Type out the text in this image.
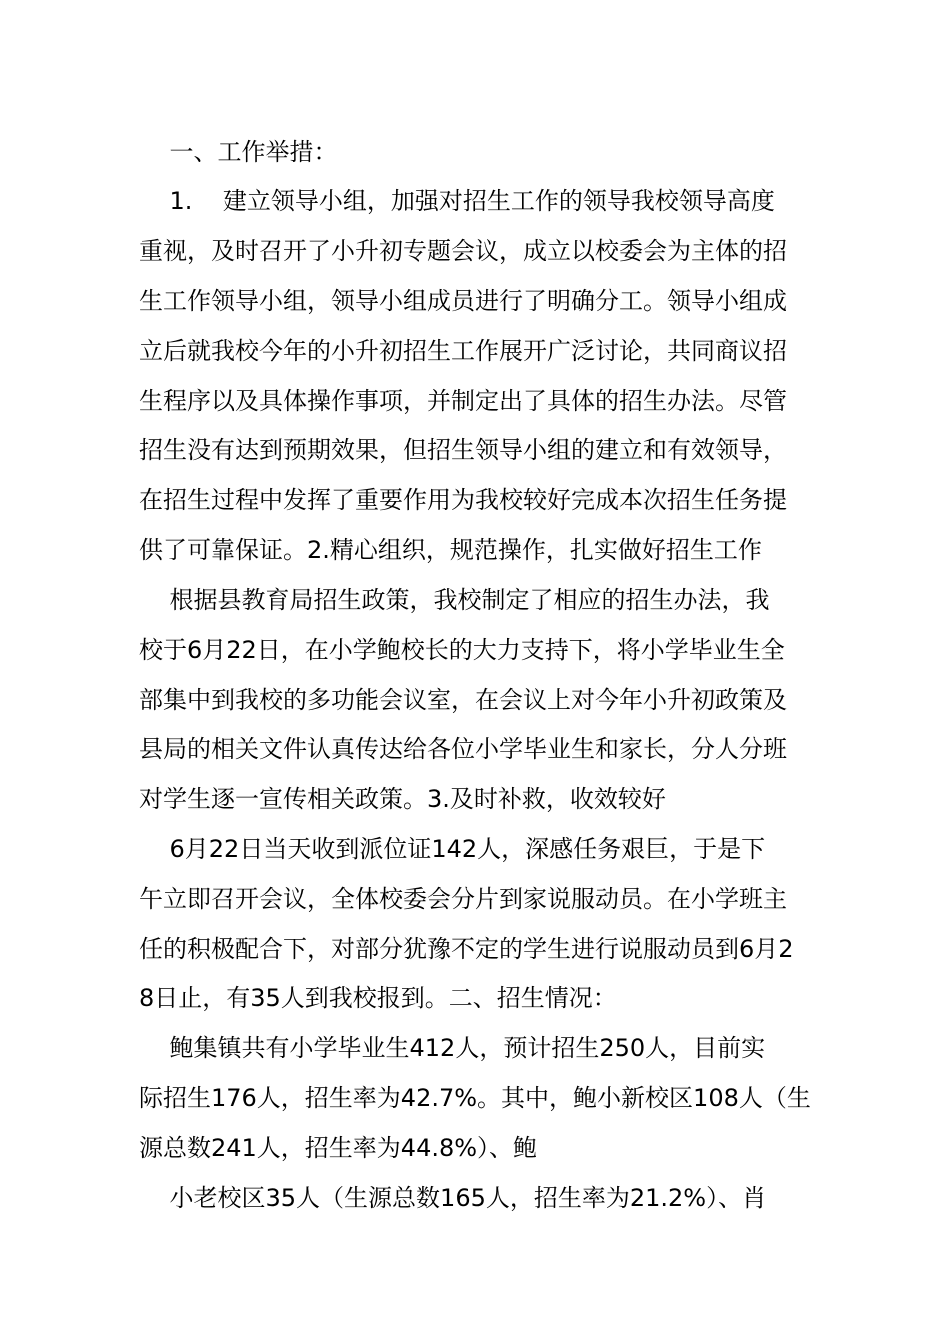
一、工作举措：

1.    建立领导小组，加强对招生工作的领导我校领导高度

重视，及时召开了小升初专题会议，成立以校委会为主体的招

生工作领导小组，领导小组成员进行了明确分工。领导小组成

立后就我校今年的小升初招生工作展开广泛讨论，共同商议招

生程序以及具体操作事项，并制定出了具体的招生办法。尽管

招生没有达到预期效果，但招生领导小组的建立和有效领导，

在招生过程中发挥了重要作用为我校较好完成本次招生任务提

供了可靠保证。2.精心组织，规范操作，扎实做好招生工作

根据县教育局招生政策，我校制定了相应的招生办法，我

校于6月22日，在小学鲍校长的大力支持下，将小学毕业生全

部集中到我校的多功能会议室，在会议上对今年小升初政策及

县局的相关文件认真传达给各位小学毕业生和家长，分人分班

对学生逐一宣传相关政策。3.及时补救，收效较好

6月22日当天收到派位证142人，深感任务艰巨，于是下

午立即召开会议，全体校委会分片到家说服动员。在小学班主

任的积极配合下，对部分犹豫不定的学生进行说服动员到6月2

8日止，有35人到我校报到。二、招生情况：

鲍集镇共有小学毕业生412人，预计招生250人，目前实

际招生176人，招生率为42.7%。其中，鲍小新校区108人（生

源总数241人，招生率为44.8%）、鲍

小老校区35人（生源总数165人，招生率为21.2%）、肖
